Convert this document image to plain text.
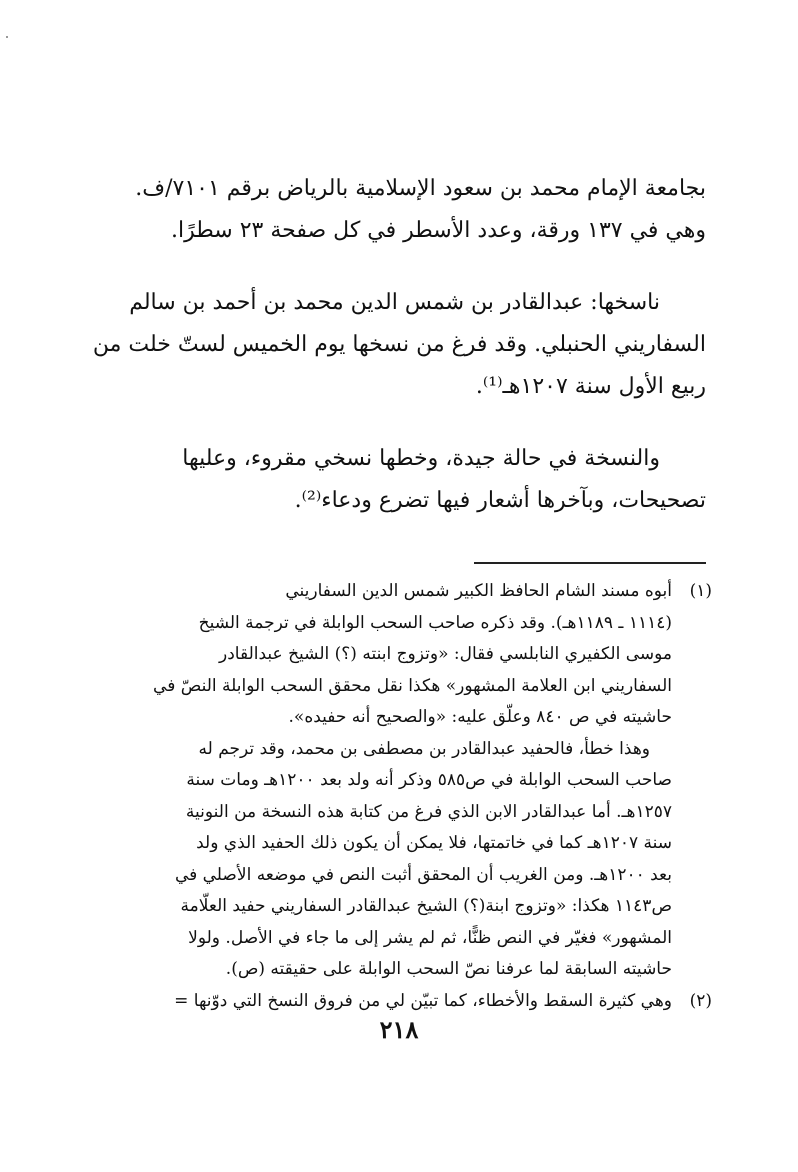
بجامعة الإمام محمد بن سعود الإسلامية بالرياض برقم ٧١٠١/ف.
وهي في ١٣٧ ورقة، وعدد الأسطر في كل صفحة ٢٣ سطرًا.

ناسخها: عبدالقادر بن شمس الدين محمد بن أحمد بن سالم
السفاريني الحنبلي. وقد فرغ من نسخها يوم الخميس لستّ خلت من
ربيع الأول سنة ١٢٠٧هـ⁽¹⁾.

والنسخة في حالة جيدة، وخطها نسخي مقروء، وعليها
تصحيحات، وبآخرها أشعار فيها تضرع ودعاء⁽²⁾.

(١)
أبوه مسند الشام الحافظ الكبير شمس الدين السفاريني
(١١١٤ ـ ١١٨٩هـ). وقد ذكره صاحب السحب الوابلة في ترجمة الشيخ
موسى الكفيري النابلسي فقال: «وتزوج ابنته (؟) الشيخ عبدالقادر
السفاريني ابن العلامة المشهور» هكذا نقل محقق السحب الوابلة النصّ في
حاشيته في ص ٨٤٠ وعلّق عليه: «والصحيح أنه حفيده».
وهذا خطأ، فالحفيد عبدالقادر بن مصطفى بن محمد، وقد ترجم له
صاحب السحب الوابلة في ص٥٨٥ وذكر أنه ولد بعد ١٢٠٠هـ ومات سنة
١٢٥٧هـ. أما عبدالقادر الابن الذي فرغ من كتابة هذه النسخة من النونية
سنة ١٢٠٧هـ كما في خاتمتها، فلا يمكن أن يكون ذلك الحفيد الذي ولد
بعد ١٢٠٠هـ. ومن الغريب أن المحقق أثبت النص في موضعه الأصلي في
ص١١٤٣ هكذا: «وتزوج ابنة(؟) الشيخ عبدالقادر السفاريني حفيد العلّامة
المشهور» فغيّر في النص ظنًّا، ثم لم يشر إلى ما جاء في الأصل. ولولا
حاشيته السابقة لما عرفنا نصّ السحب الوابلة على حقيقته (ص).
(٢)
وهي كثيرة السقط والأخطاء، كما تبيّن لي من فروق النسخ التي دوّنها =
٢١٨
